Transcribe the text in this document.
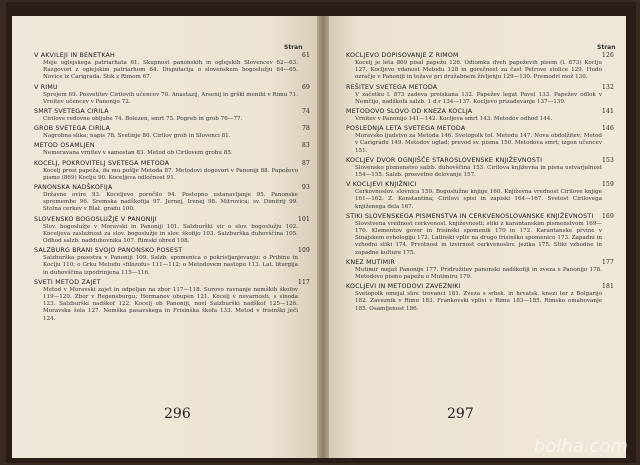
Stran
V AKVILEJI IN BENETKAH	61
Meje oglejskega patriarhata 61. Skupnost panonskih in oglejskih Slovencev 62—63. Razgovori z oglejskim patriarhom 64. Dispulacija o slovenskem bogoslužju 64—65. Novice iz Carigrada. Stik z Rimom 67.
V RIMU	69
Sprejem 69. Posvetitev Cirilovih učencev 70. Anastazij, Arsenij in grški menihi v Rimu 71. Vrnitev učencev v Panonijo 72.
SMRT SVETEGA CIRILA	74
Cirilove redovne obljube 74. Bolezen, smrt 75. Pogreb in grob 76—77.
GROB SVETEGA CIRILA	78
Nagrobna slika; napis 78. Svetinje 80. Cirilov grob in Slovenci 81.
METOD OSAMLJEN	83
Nemeravana vrnitev v samostan 83. Metod ob Cirilovem grobu 85.
KOCELJ, POKROVITELJ SVETEGA METODA	87
Kocelj prosi papeža, da mu pošlje Metoda 87. Metodovi dogovori v Panoniji 88. Papeževo pismo (869) Koclju 90. Koceljeva odločnost 91.
PANONSKA NADŠKOFIJA	93
Državne ovire 93. Koceljevo poročilo 94. Postopno ustanavljanje 95. Panonske spremembe 96. Sremska nadškofija 97. Jernej, Irenej 98. Mitrovica; sv. Dimitrij 99. Stolna cerkev v Blat. gradu 100.
SLOVENSKO BOGOSLUŽJE V PANONIJI	101
Slov. bogoslužje v Moravski in Panoniji 101. Salzburški vir o slov. bogoslužju 102. Koceljeva zaslužnost za slov. bogoslužje in slov. škofijo 103. Salzburška duhovščina 105. Odhod salzb. nadduhovnika 107. Rimski obred 108.
SALZBURG BRANI SVOJO PANONSKO POSEST	109
Salzburška posestva v Panoniji 109. Salzb. spomenica o pokristjanjevanju; o Pribinu in Koclju 110; o Grku Metodu «filozofu» 111—112; o Metodovem nastopu 113. Lat. liturgija in duhovščina izpodrinjena 115—116.
SVETI METOD ZAJET	117
Metod v Moravski zajet in odpeljan na zbor 117—118. Surovo ravnanje nemških škofov 119—120. Zbor v Regensburgu; Hermanov obupen 121. Kocelj v nevarnosti, s sinoda 123. Salzburški nadškof 122. Kocelj ob Panoniji, novi Salzburški nadškof 125—126. Moravska šola 127. Nemška pasavskega in Frisinška škofa 133. Metod v frisinški ječi 124.
296
Stran
KOCLJEVO DOPISOVANJE Z RIMOM	126
Kocelj je leta 869 pisal papežu 126. Odiomka dveh papeževih pisem (l. 873) Koclju 127. Kocljevo vdanost Metodu 128 in gorečnost za čast Petrove stolice 129. Hudo ozračje v Panoniji in težave pri družabnem življenju 129—130. Premodri mož 130.
REŠITEV SVETEGA METODA	132
V začetku l. 873 zadeva preiskana 132. Papežev legat Pavel 133. Papežev odlok v Nemčijo, nadškofa salzb. 1 d.r 134—137. Kocljevo prizadevanje 137—139.
METODOVO SLOVO OD KNEZA KOCLJA	141
Vrnitev v Panonijo 141—142. Kocljeva smrt 143. Metodov odhod 144.
POSLEDNJA LETA SVETEGA METODA	146
Moravsko ljudstvo za Metoda 146. Svetopolk tol. Metodu 147. Nova obdolžitev; Metod v Carigradu 149. Metodov uglad; prevod sv. pisma 150. Metodova smrt; izgon učencev 151.
KOCLJEV DVOR OGNJIŠČE STAROSLOVENSKE KNJIŽEVNOSTI	153
Slovensko pismenstvo salzb. duhovščina 153. Cirilova književna in pisna ustvarjalnost 154—155. Salzb. prosvetno delovanje 157.
V KOCLJEVI KNJIŽNICI	159
Cerkovnoslov. slovnica 159. Bogoslužne knjige 160. Književna vrednost Cirilove knjige 161—162. Z. Konstantina; Cirilovi spisi in zapiski 164—167. Svetost Cirilovega knjiženega dela 167.
STIKI SLOVENSKEGA PISMENSTVA IN CERKVENOSLOVANSKE KNJIŽEVNOSTI 169
Slovstvena vrednost cerkvenosl. književnosti; stiki z karantanskim pismenstvom 169—170. Klementov govor in frisinški spomenik 170 in 172. Karantanske prvine v Sinajskem evhologiju 172. Latinski vpliv na drugo frisinško spomenico 173. Zapadni in vzhodni stiki 174. Prvotnost in izvirnost cerkvenoslov. jezika 175. Stiki vzhodne in zapadne kulture 175.
KNEZ MUTIMIR	177
Mutimir mejaš Panonije 177. Pridružitev panonski nadškofiji in zveza s Panonijo 178. Metodovo pismo papežu o Mutimiru 179.
KOCLJEVI IN METODOVI ZAVEZNIKI	181
Svetopolk omejal slov. trovanci 181. Zveza s srbsk. in hrvatsk. knezi ter z Bolgarijo 182. Zaveznik v Rimu 183. Frankovski vplivi v Rimu 183—185. Rimsko omahovanje 185. Osamljenost 186.
297
bolha.com
